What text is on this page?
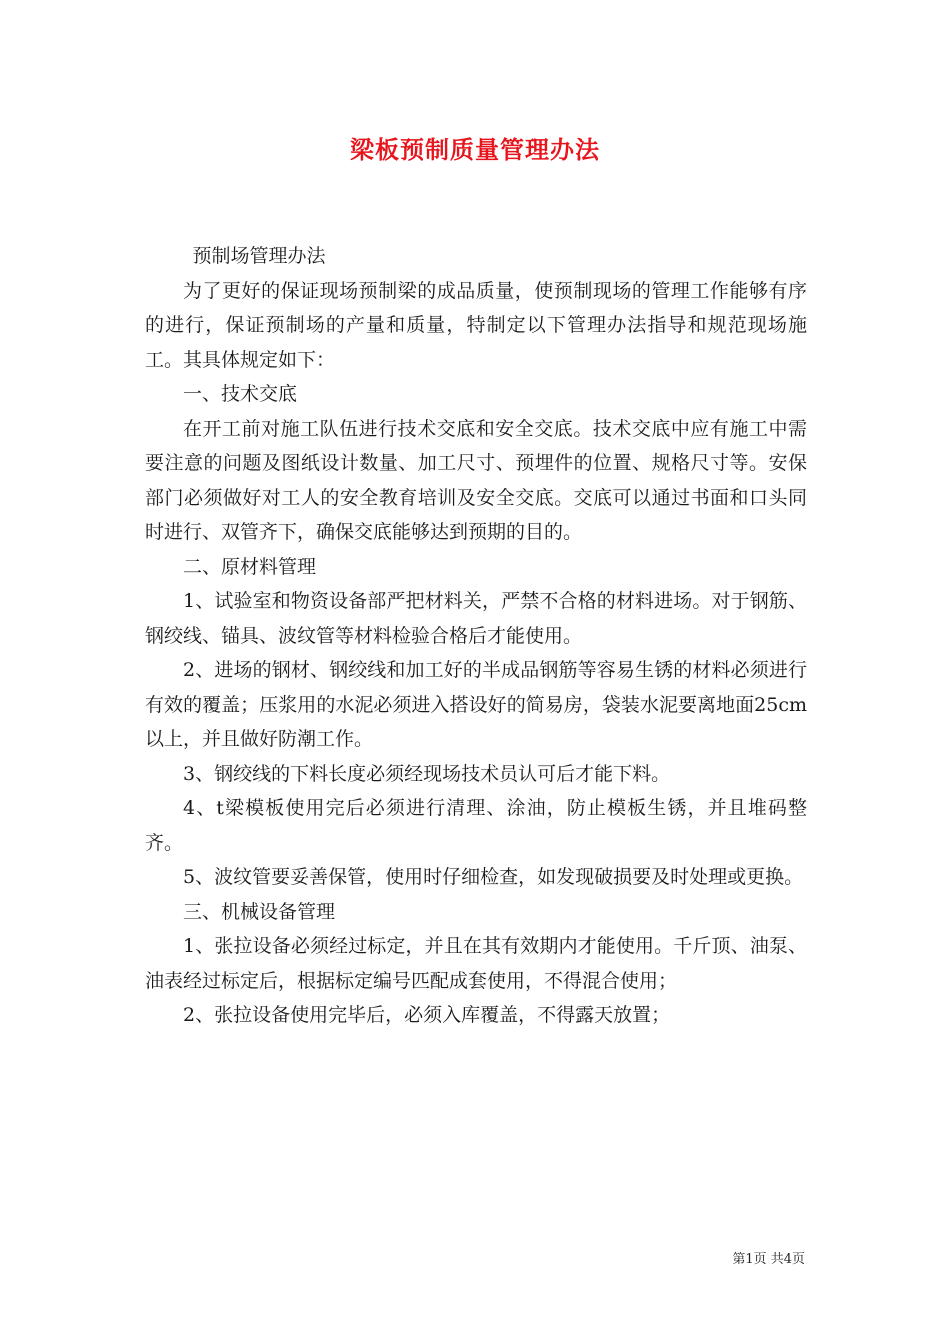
梁板预制质量管理办法

预制场管理办法

为了更好的保证现场预制梁的成品质量，使预制现场的管理工作能够有序的进行，保证预制场的产量和质量，特制定以下管理办法指导和规范现场施工。其具体规定如下：

一、技术交底

在开工前对施工队伍进行技术交底和安全交底。技术交底中应有施工中需要注意的问题及图纸设计数量、加工尺寸、预埋件的位置、规格尺寸等。安保部门必须做好对工人的安全教育培训及安全交底。交底可以通过书面和口头同时进行、双管齐下，确保交底能够达到预期的目的。

二、原材料管理

1、试验室和物资设备部严把材料关，严禁不合格的材料进场。对于钢筋、钢绞线、锚具、波纹管等材料检验合格后才能使用。

2、进场的钢材、钢绞线和加工好的半成品钢筋等容易生锈的材料必须进行有效的覆盖；压浆用的水泥必须进入搭设好的简易房，袋装水泥要离地面25cm以上，并且做好防潮工作。

3、钢绞线的下料长度必须经现场技术员认可后才能下料。

4、t梁模板使用完后必须进行清理、涂油，防止模板生锈，并且堆码整齐。

5、波纹管要妥善保管，使用时仔细检查，如发现破损要及时处理或更换。

三、机械设备管理

1、张拉设备必须经过标定，并且在其有效期内才能使用。千斤顶、油泵、油表经过标定后，根据标定编号匹配成套使用，不得混合使用；

2、张拉设备使用完毕后，必须入库覆盖，不得露天放置；

第1页 共4页
